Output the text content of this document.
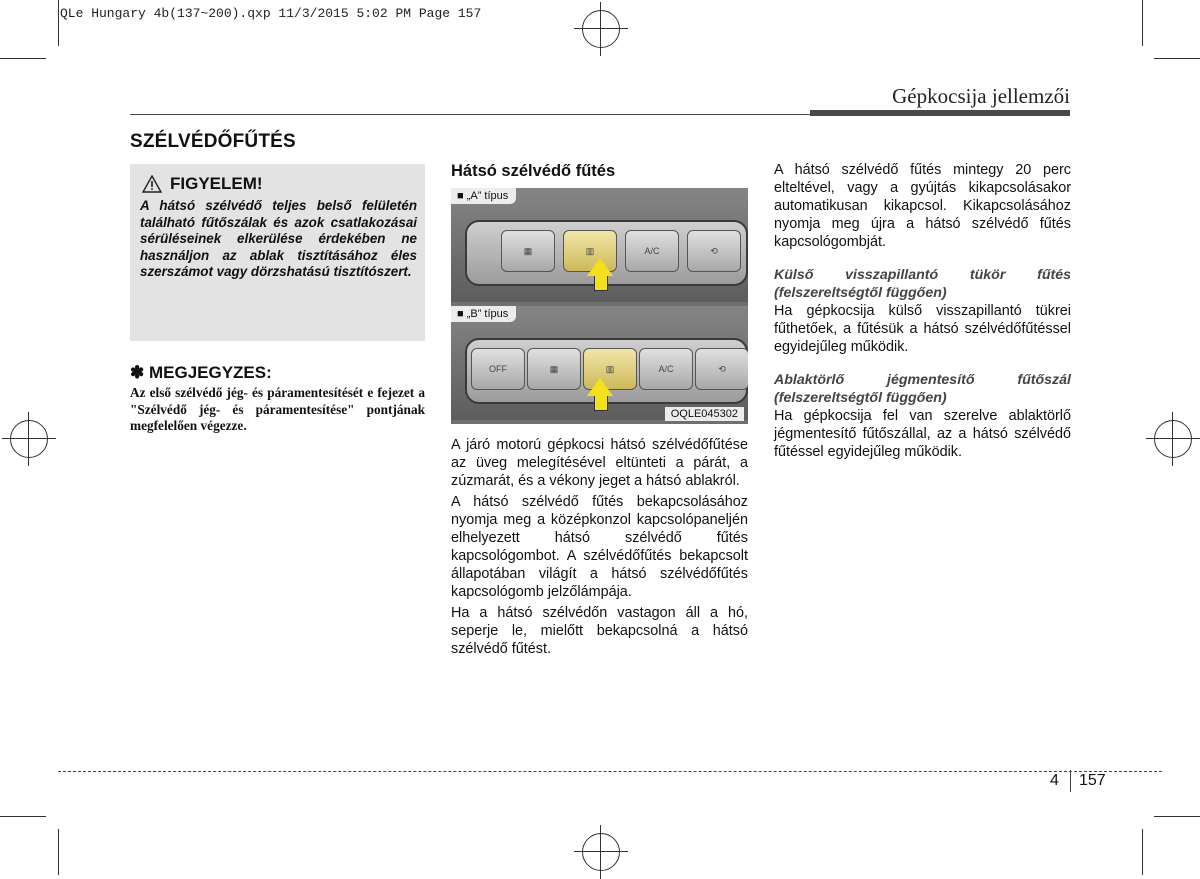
QLe Hungary 4b(137~200).qxp 11/3/2015 5:02 PM Page 157
Gépkocsija jellemzői
SZÉLVÉDŐFŰTÉS
FIGYELEM!
A hátsó szélvédő teljes belső felületén található fűtőszálak és azok csatlakozásai sérüléseinek elkerülése érdekében ne használjon az ablak tisztításához éles szerszámot vagy dörzshatású tisztítószert.
✽ MEGJEGYZES:
Az első szélvédő jég- és páramentesítését e fejezet a "Szélvédő jég- és páramentesítése" pontjának megfelelően végezze.
Hátsó szélvédő fűtés
■ „A” típus
▦	▥	A/C	⟲
■ „B” típus
OFF	▦	▥	A/C	⟲
OQLE045302

A járó motorú gépkocsi hátsó szélvédőfűtése az üveg melegítésével eltünteti a párát, a zúzmarát, és a vékony jeget a hátsó ablakról.

A hátsó szélvédő fűtés bekapcsolásához nyomja meg a középkonzol kapcsolópaneljén elhelyezett hátsó szélvédő fűtés kapcsológombot. A szélvédőfűtés bekapcsolt állapotában világít a hátsó szélvédőfűtés kapcsológomb jelzőlámpája.

Ha a hátsó szélvédőn vastagon áll a hó, seperje le, mielőtt bekapcsolná a hátsó szélvédő fűtést.

A hátsó szélvédő fűtés mintegy 20 perc elteltével, vagy a gyújtás kikapcsolásakor automatikusan kikapcsol. Kikapcsolásához nyomja meg újra a hátsó szélvédő fűtés kapcsológombját.

Külső visszapillantó tükör fűtés (felszereltségtől függően)

Ha gépkocsija külső visszapillantó tükrei fűthetőek, a fűtésük a hátsó szélvédőfűtéssel egyidejűleg működik.

Ablaktörlő jégmentesítő fűtőszál (felszereltségtől függően)

Ha gépkocsija fel van szerelve ablaktörlő jégmentesítő fűtőszállal, az a hátsó szélvédő fűtéssel egyidejűleg működik.

4 157
